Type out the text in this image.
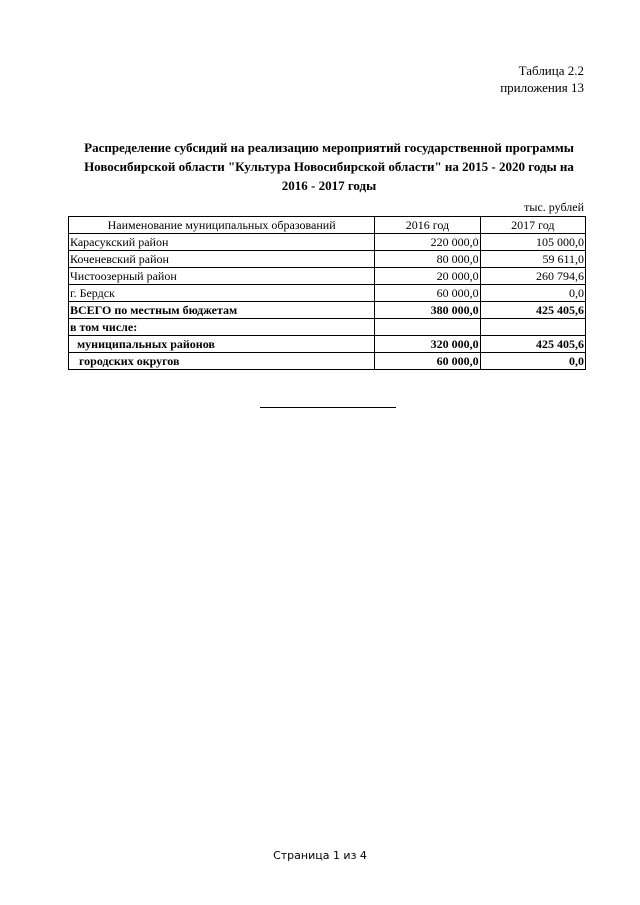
Таблица 2.2
приложения 13
Распределение субсидий на реализацию мероприятий государственной программы
Новосибирской области "Культура Новосибирской области" на 2015 - 2020 годы на
2016 - 2017 годы
тыс. рублей
Наименование муниципальных образований	2016 год	2017 год
Карасукский район	220 000,0	105 000,0
Коченевский район	80 000,0	59 611,0
Чистоозерный район	20 000,0	260 794,6
г. Бердск	60 000,0	0,0
ВСЕГО по местным бюджетам	380 000,0	425 405,6
в том числе:		
муниципальных районов	320 000,0	425 405,6
городских округов	60 000,0	0,0
Страница 1 из 4
